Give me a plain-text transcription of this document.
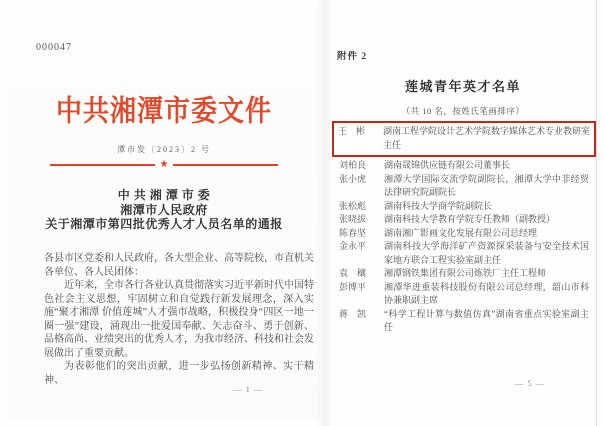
000047
中共湘潭市委文件
潭市发〔2023〕2 号
★
中 共 湘 潭 市 委
湘潭市人民政府
关于湘潭市第四批优秀人才人员名单的通报

各县市区党委和人民政府，各大型企业、高等院校，市直机关各单位、各人民团体：

近年来，全市各行各业认真贯彻落实习近平新时代中国特色社会主义思想，牢固树立和自觉践行新发展理念，深入实施“聚才湘潭 价值莲城”人才强市战略，积极投身“四区一地一圈一强”建设，涌现出一批爱国奉献、矢志奋斗、勇于创新、品格高尚、业绩突出的优秀人才，为我市经济、科技和社会发展做出了重要贡献。

为表彰他们的突出贡献，进一步弘扬创新精神、实干精神、

— 1 —
附件 2
莲城青年英才名单
（共 10 名，按姓氏笔画排序）
王　彬	湖南工程学院设计艺术学院数字媒体艺术专业教研室主任
刘柏良	湖南晟锦供应链有限公司董事长
张小虎	湘潭大学国际交流学院副院长，湘潭大学中非经贸法律研究院副院长
张松彪	湖南科技大学商学院副院长
张晓拔	湖南科技大学教育学院专任教师（副教授）
陈春坚	湖南湘广影画文化发展有限公司总经理
金永平	湖南科技大学海洋矿产资源探采装备与安全技术国家地方联合工程实验室副主任
袁　穰	湘潭钢铁集团有限公司炼铁厂主任工程师
彭博平	湘潭华进重装科技股份有限公司总经理，韶山市科协兼职副主席
蒋　凯	“科学工程计算与数值仿真”湖南省重点实验室副主任
— 5 —
